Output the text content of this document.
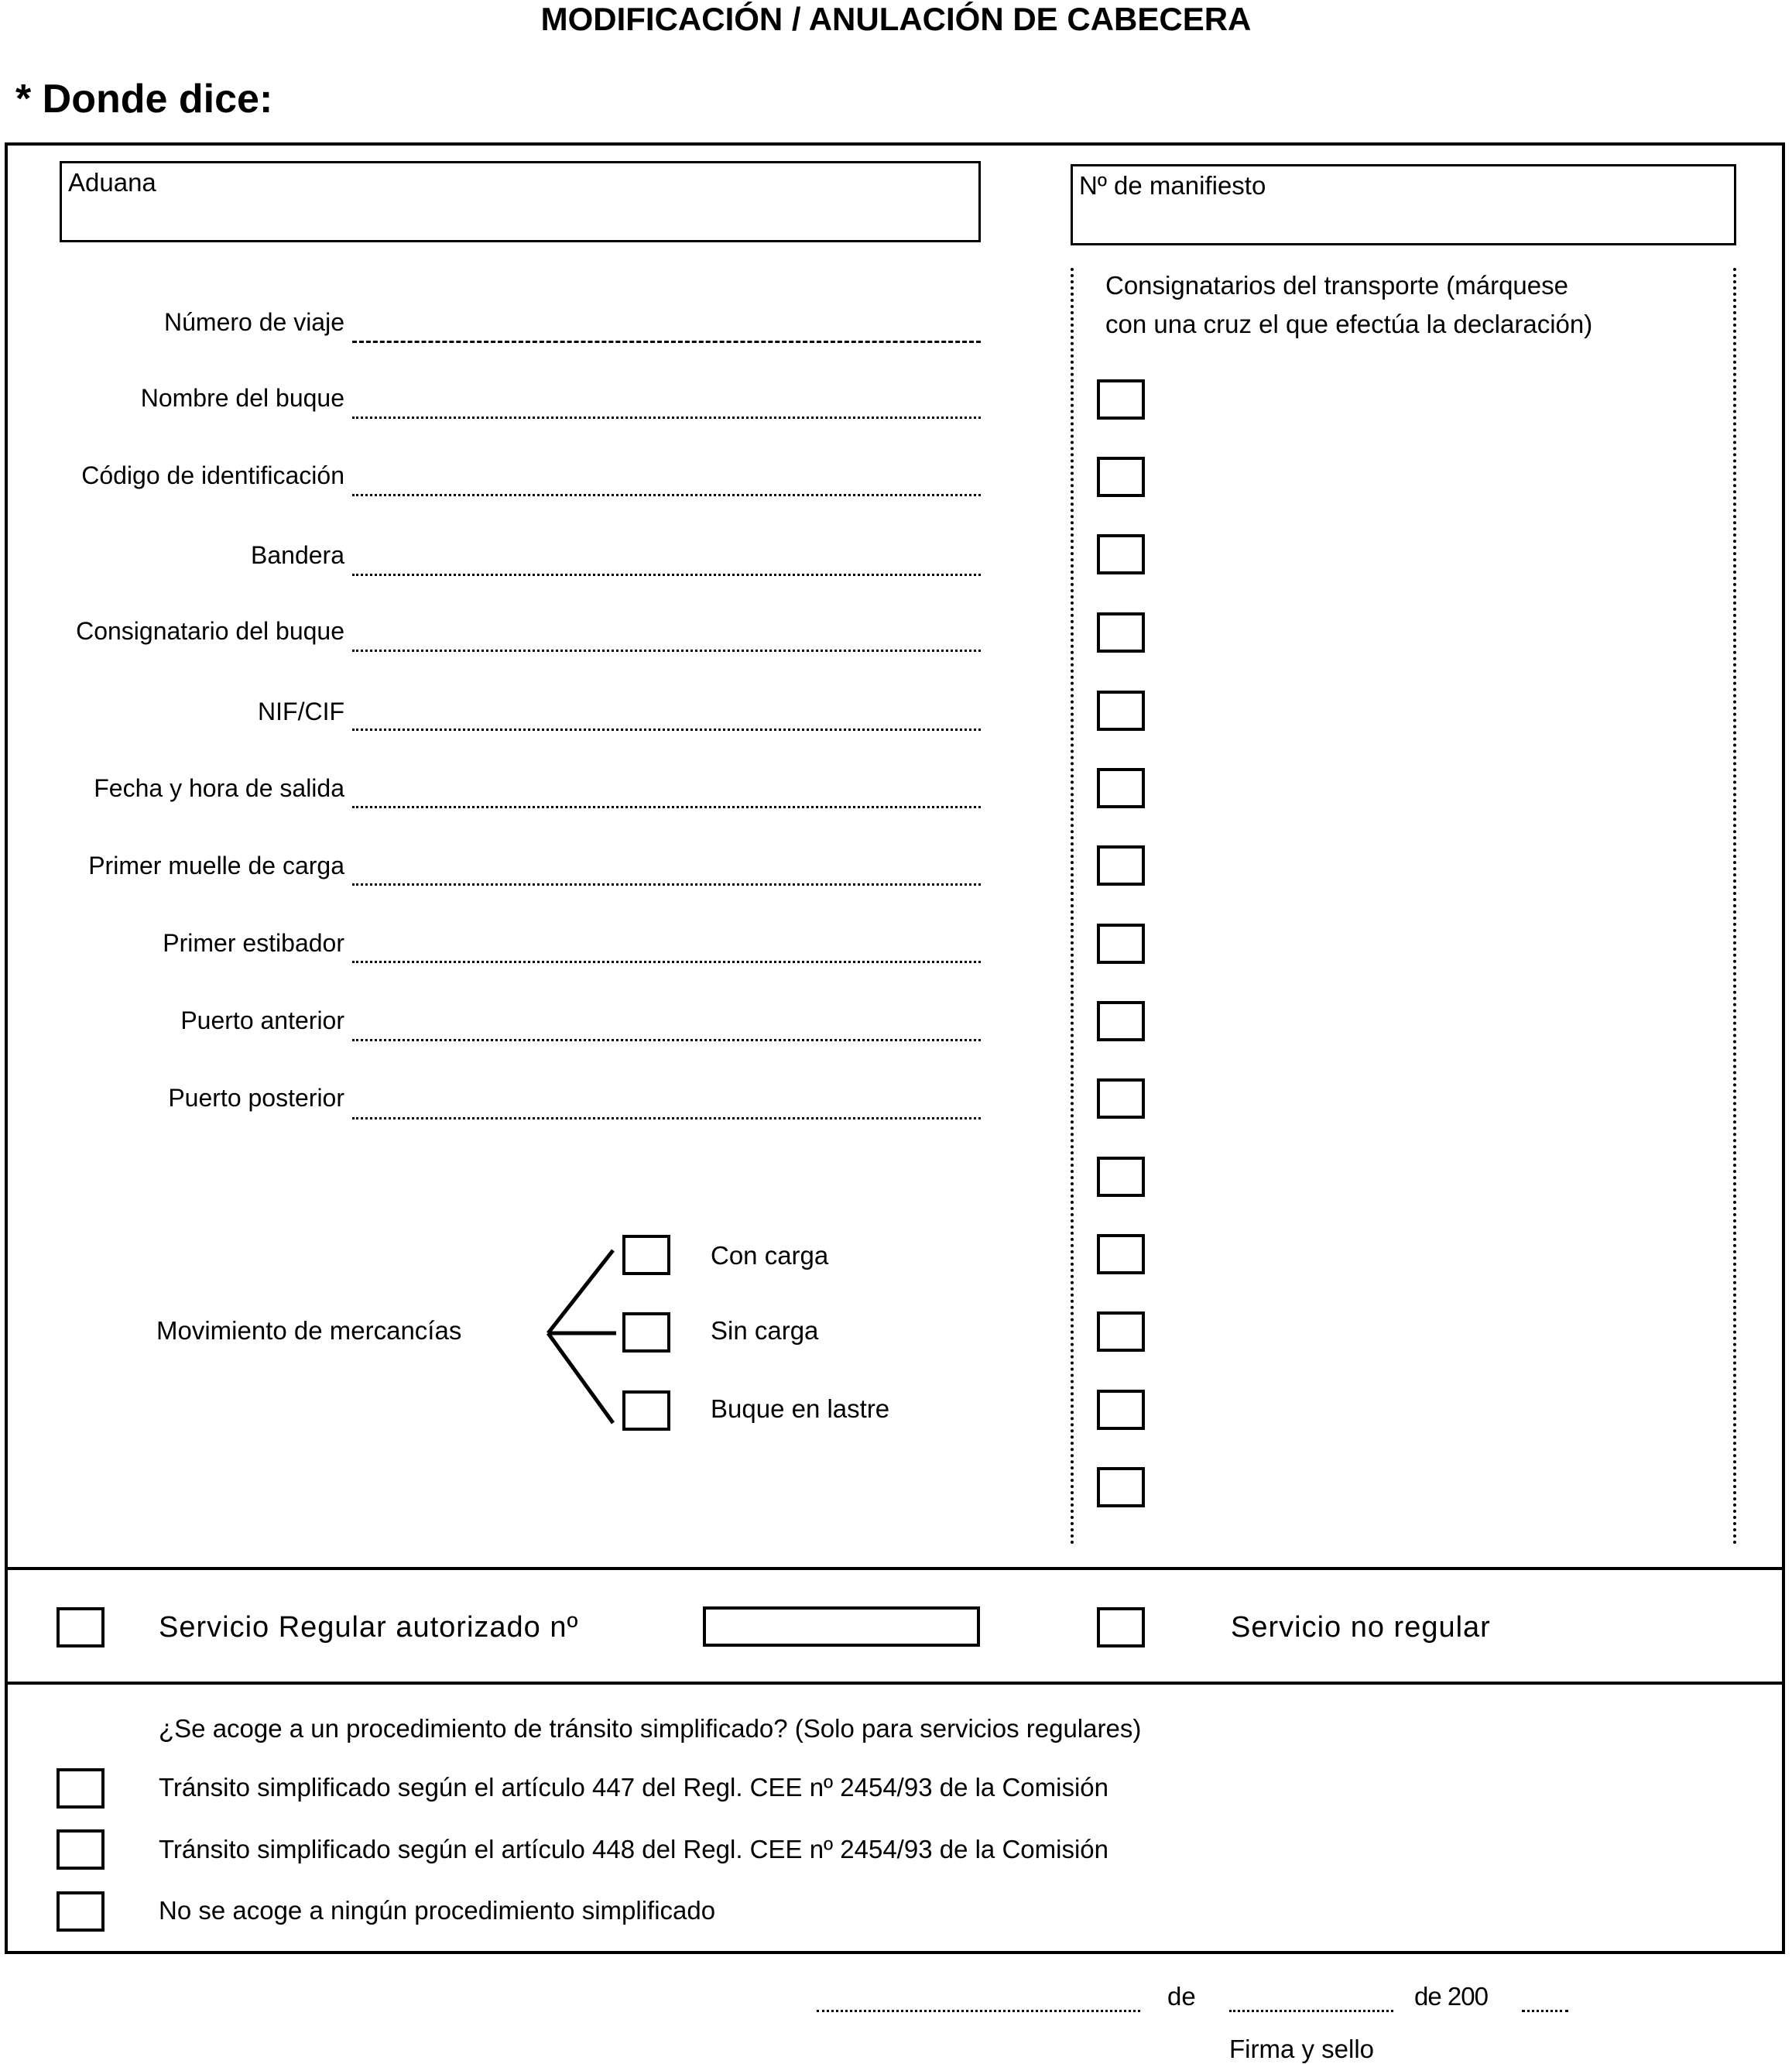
MODIFICACIÓN / ANULACIÓN DE CABECERA
* Donde dice:
Aduana	Nº de manifiesto
Número de viaje
Nombre del buque
Código de identificación
Bandera
Consignatario del buque
NIF/CIF
Fecha y hora de salida
Primer muelle de carga
Primer estibador
Puerto anterior
Puerto posterior
Consignatarios del transporte (márquese
con una cruz el que efectúa la declaración)
Movimiento de mercancías
Con carga
Sin carga
Buque en lastre
Servicio Regular autorizado nº	Servicio no regular
¿Se acoge a un procedimiento de tránsito simplificado? (Solo para servicios regulares)
Tránsito simplificado según el artículo 447 del Regl. CEE nº 2454/93 de la Comisión
Tránsito simplificado según el artículo 448 del Regl. CEE nº 2454/93 de la Comisión
No se acoge a ningún procedimiento simplificado
de	de 200
Firma y sello
